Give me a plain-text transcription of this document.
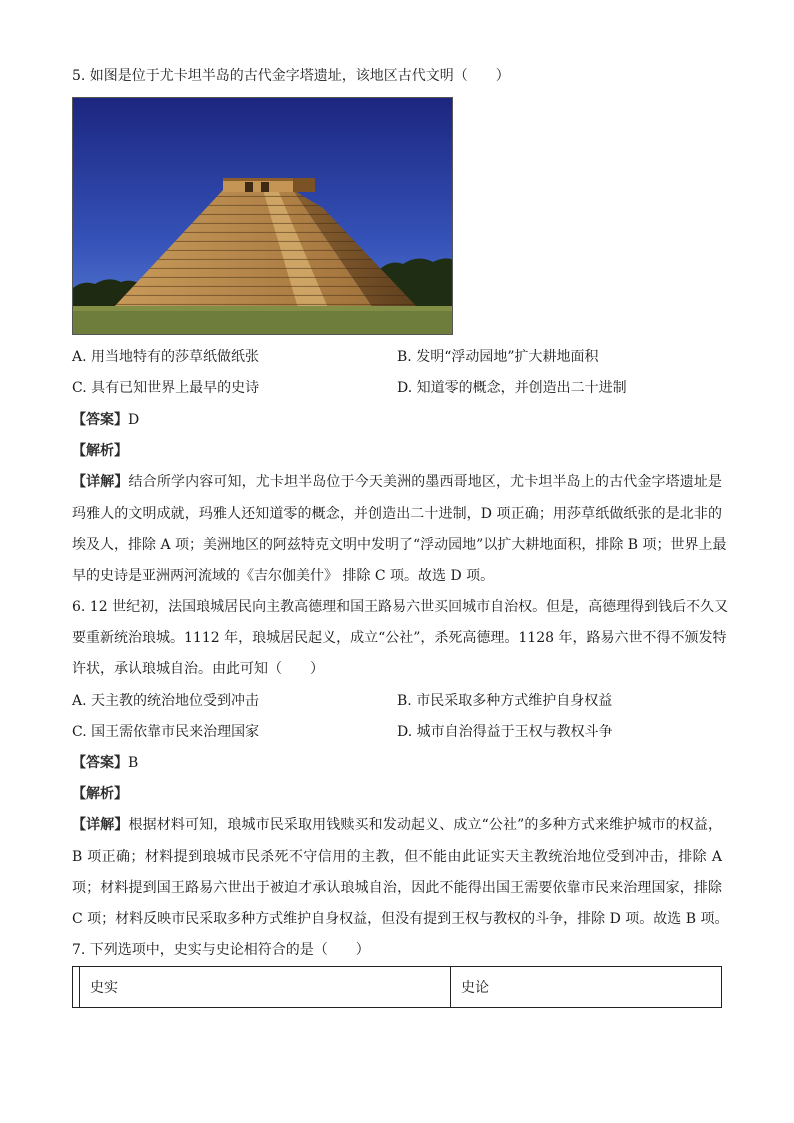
5. 如图是位于尤卡坦半岛的古代金字塔遗址，该地区古代文明（　　）
A. 用当地特有的莎草纸做纸张	B. 发明“浮动园地”扩大耕地面积
C. 具有已知世界上最早的史诗	D. 知道零的概念，并创造出二十进制
【答案】D
【解析】
【详解】结合所学内容可知，尤卡坦半岛位于今天美洲的墨西哥地区，尤卡坦半岛上的古代金字塔遗址是
玛雅人的文明成就，玛雅人还知道零的概念，并创造出二十进制，D 项正确；用莎草纸做纸张的是北非的
埃及人，排除 A 项；美洲地区的阿兹特克文明中发明了“浮动园地”以扩大耕地面积，排除 B 项；世界上最
早的史诗是亚洲两河流域的《吉尔伽美什》 排除 C 项。故选 D 项。
6. 12 世纪初，法国琅城居民向主教高德理和国王路易六世买回城市自治权。但是，高德理得到钱后不久又
要重新统治琅城。1112 年，琅城居民起义，成立“公社”，杀死高德理。1128 年，路易六世不得不颁发特
许状，承认琅城自治。由此可知（　　）
A. 天主教的统治地位受到冲击	B. 市民采取多种方式维护自身权益
C. 国王需依靠市民来治理国家	D. 城市自治得益于王权与教权斗争
【答案】B
【解析】
【详解】根据材料可知，琅城市民采取用钱赎买和发动起义、成立“公社”的多种方式来维护城市的权益，
B 项正确；材料提到琅城市民杀死不守信用的主教，但不能由此证实天主教统治地位受到冲击，排除 A
项；材料提到国王路易六世出于被迫才承认琅城自治，因此不能得出国王需要依靠市民来治理国家，排除
C 项；材料反映市民采取多种方式维护自身权益，但没有提到王权与教权的斗争，排除 D 项。故选 B 项。
7. 下列选项中，史实与史论相符合的是（　　）
	史实	史论
